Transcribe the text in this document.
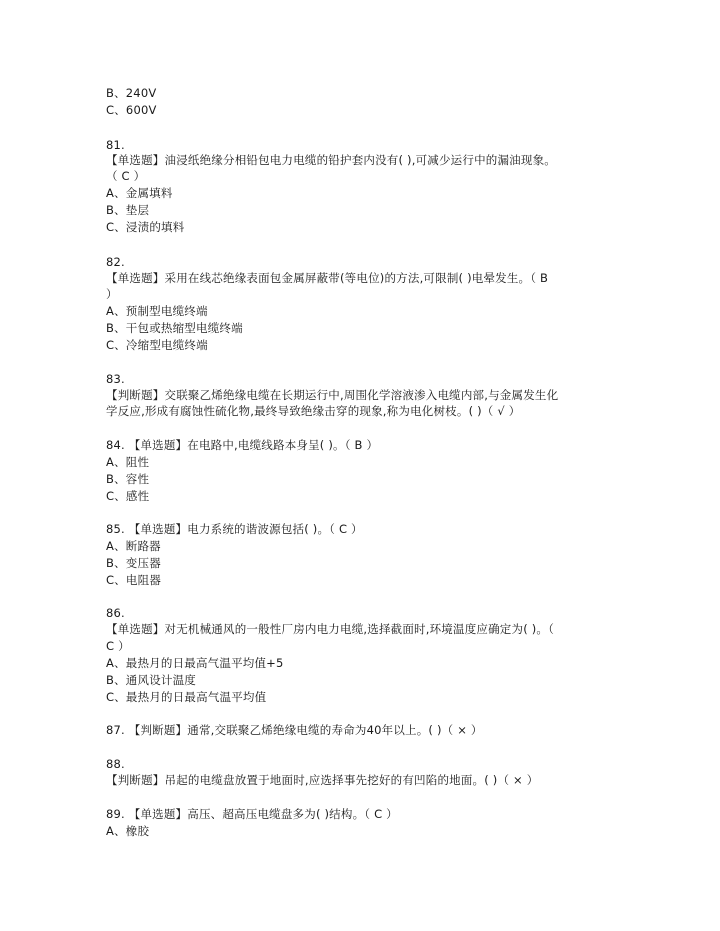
B、240V
C、600V
81.
【单选题】油浸纸绝缘分相铅包电力电缆的铅护套内没有( ),可减少运行中的漏油现象。
（ C ）
A、金属填料
B、垫层
C、浸渍的填料
82.
【单选题】采用在线芯绝缘表面包金属屏蔽带(等电位)的方法,可限制( )电晕发生。（ B
）
A、预制型电缆终端
B、干包或热缩型电缆终端
C、冷缩型电缆终端
83.
【判断题】交联聚乙烯绝缘电缆在长期运行中,周围化学溶液渗入电缆内部,与金属发生化
学反应,形成有腐蚀性硫化物,最终导致绝缘击穿的现象,称为电化树枝。( )（ √ ）
84. 【单选题】在电路中,电缆线路本身呈( )。（ B ）
A、阻性
B、容性
C、感性
85. 【单选题】电力系统的谐波源包括( )。（ C ）
A、断路器
B、变压器
C、电阻器
86.
【单选题】对无机械通风的一般性厂房内电力电缆,选择截面时,环境温度应确定为( )。（
C ）
A、最热月的日最高气温平均值+5
B、通风设计温度
C、最热月的日最高气温平均值
87. 【判断题】通常,交联聚乙烯绝缘电缆的寿命为40年以上。( )（ × ）
88.
【判断题】吊起的电缆盘放置于地面时,应选择事先挖好的有凹陷的地面。( )（ × ）
89. 【单选题】高压、超高压电缆盘多为( )结构。（ C ）
A、橡胶
